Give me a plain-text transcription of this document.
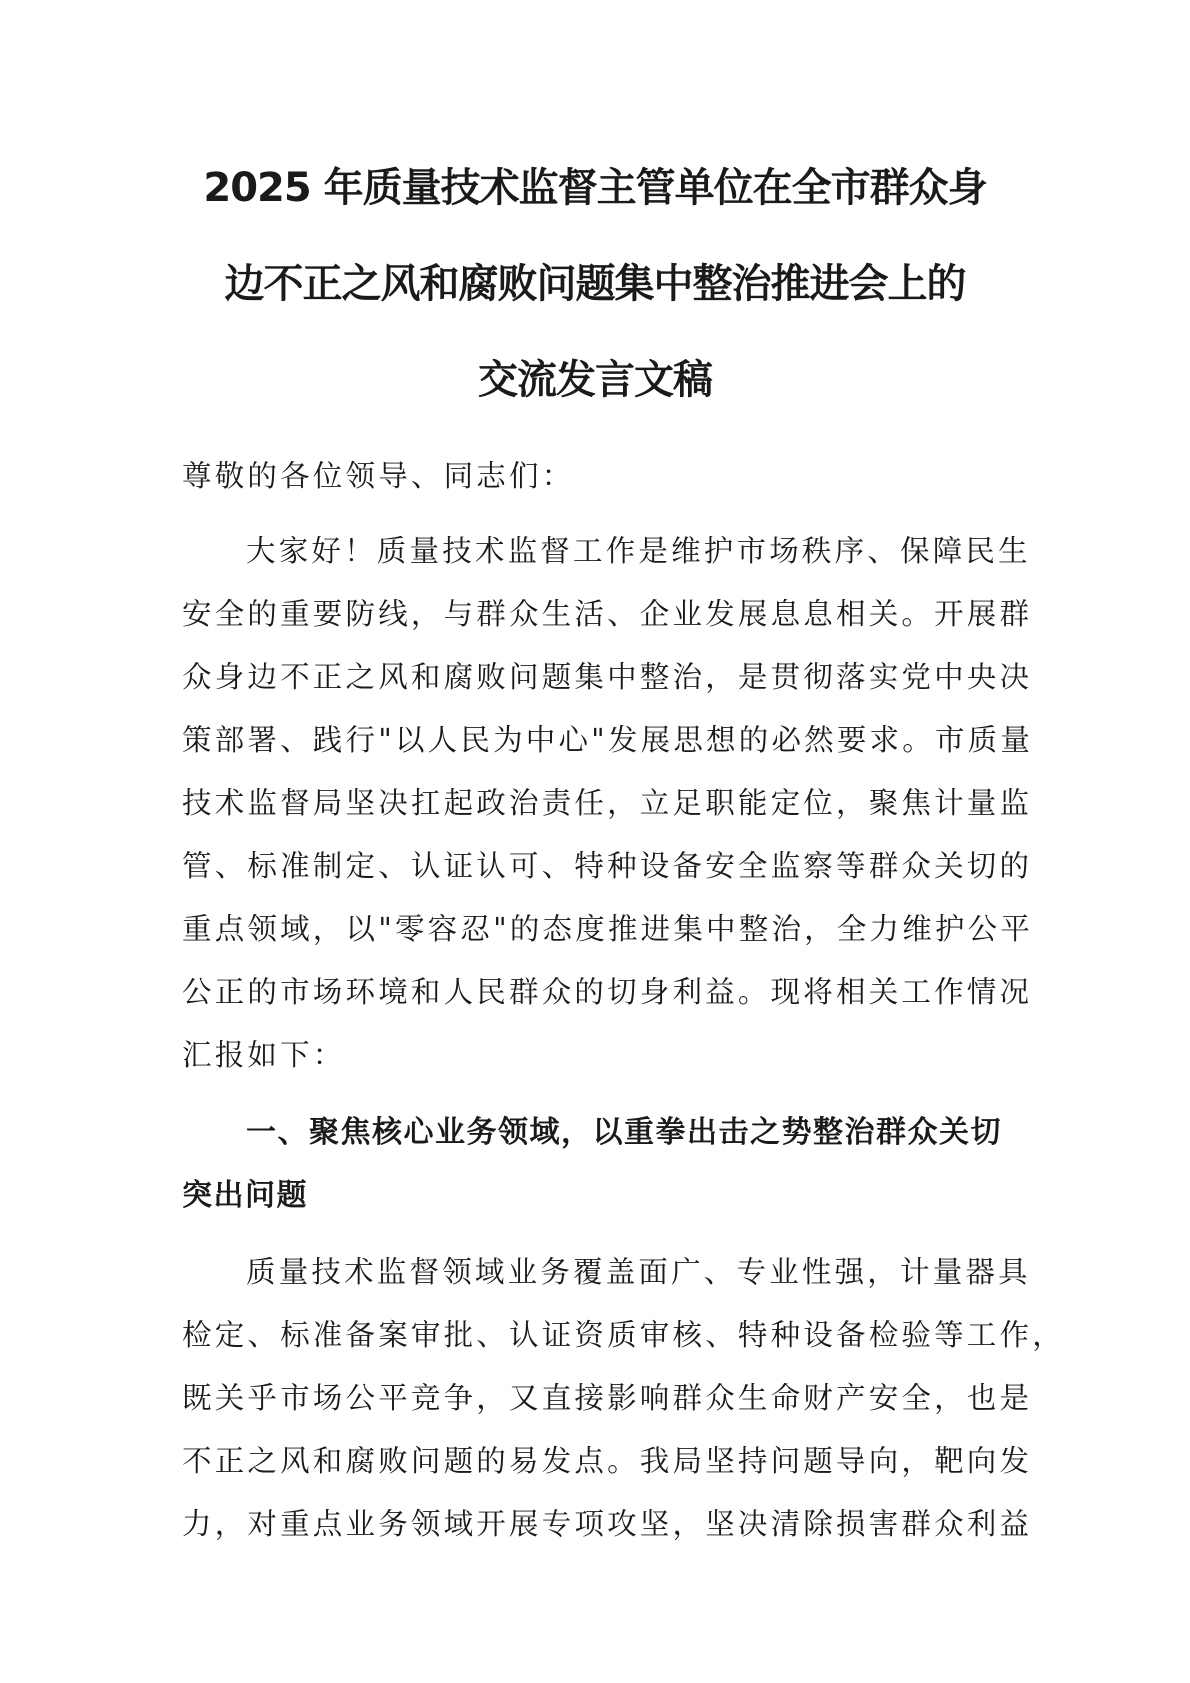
2025 年质量技术监督主管单位在全市群众身
边不正之风和腐败问题集中整治推进会上的
交流发言文稿
尊敬的各位领导、同志们：
大家好！质量技术监督工作是维护市场秩序、保障民生
安全的重要防线，与群众生活、企业发展息息相关。开展群
众身边不正之风和腐败问题集中整治，是贯彻落实党中央决
策部署、践行"以人民为中心"发展思想的必然要求。市质量
技术监督局坚决扛起政治责任，立足职能定位，聚焦计量监
管、标准制定、认证认可、特种设备安全监察等群众关切的
重点领域，以"零容忍"的态度推进集中整治，全力维护公平
公正的市场环境和人民群众的切身利益。现将相关工作情况
汇报如下：
一、聚焦核心业务领域，以重拳出击之势整治群众关切
突出问题
质量技术监督领域业务覆盖面广、专业性强，计量器具
检定、标准备案审批、认证资质审核、特种设备检验等工作，
既关乎市场公平竞争，又直接影响群众生命财产安全，也是
不正之风和腐败问题的易发点。我局坚持问题导向，靶向发
力，对重点业务领域开展专项攻坚，坚决清除损害群众利益
